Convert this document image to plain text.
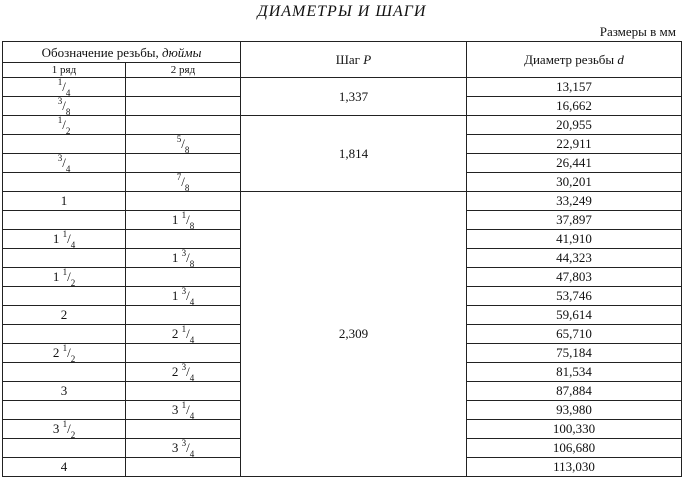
ДИАМЕТРЫ И ШАГИ
Размеры в мм
Обозначение резьбы, дюймы		Шаг P	Диаметр резьбы d
1 ряд	2 ряд		
$^1/_4$		1,337	13,157
$^3/_8$			16,662
$^1/_2$		1,814	20,955
	$^5/_8$		22,911
$^3/_4$			26,441
	$^7/_8$		30,201
1		2,309	33,249
	1 $^1/_8$		37,897
1 $^1/_4$			41,910
	1 $^3/_8$		44,323
1 $^1/_2$			47,803
	1 $^3/_4$		53,746
2			59,614
	2 $^1/_4$		65,710
2 $^1/_2$			75,184
	2 $^3/_4$		81,534
3			87,884
	3 $^1/_4$		93,980
3 $^1/_2$			100,330
	3 $^3/_4$		106,680
4			113,030
